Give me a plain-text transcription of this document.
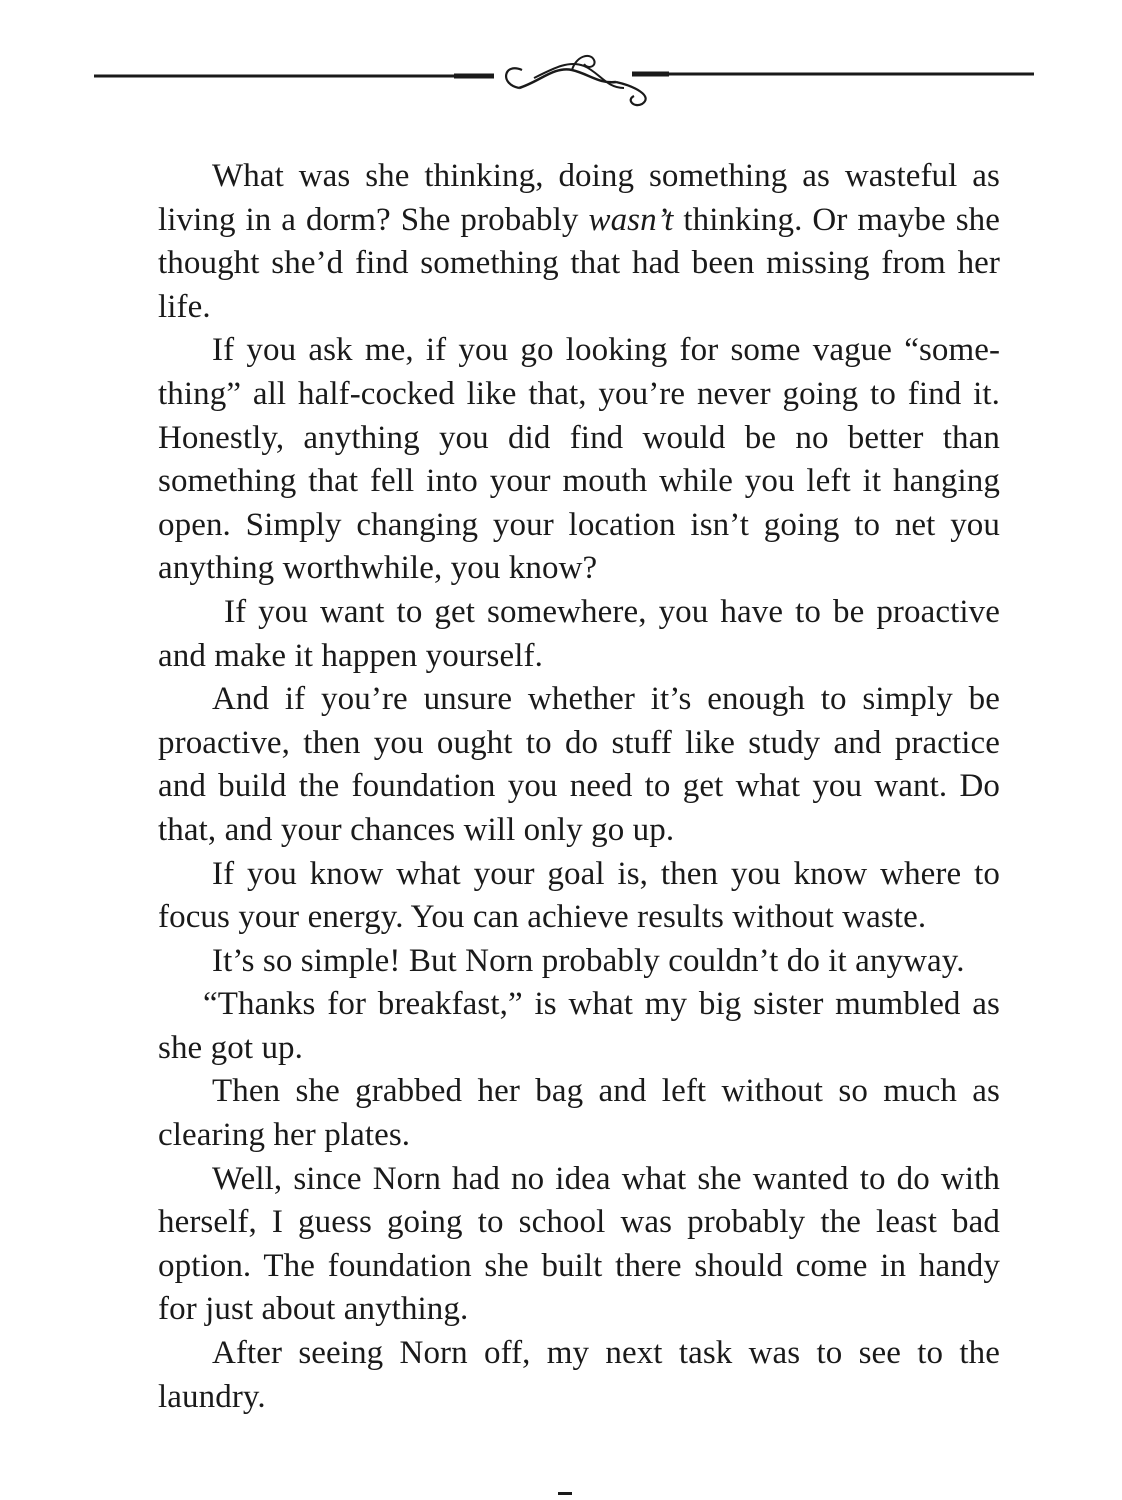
What was she thinking, doing something as wasteful as living in a dorm? She probably wasn’t thinking. Or maybe she thought she’d find something that had been missing from her life.

If you ask me, if you go looking for some vague “something” all half-cocked like that, you’re never going to find it. Honestly, anything you did find would be no better than something that fell into your mouth while you left it hanging open. Simply changing your location isn’t going to net you anything worthwhile, you know?

If you want to get somewhere, you have to be proactive and make it happen yourself.

And if you’re unsure whether it’s enough to simply be proactive, then you ought to do stuff like study and practice and build the foundation you need to get what you want. Do that, and your chances will only go up.

If you know what your goal is, then you know where to focus your energy. You can achieve results without waste.

It’s so simple! But Norn probably couldn’t do it anyway.

“Thanks for breakfast,” is what my big sister mumbled as she got up.

Then she grabbed her bag and left without so much as clearing her plates.

Well, since Norn had no idea what she wanted to do with herself, I guess going to school was probably the least bad option. The foundation she built there should come in handy for just about anything.

After seeing Norn off, my next task was to see to the laundry.
